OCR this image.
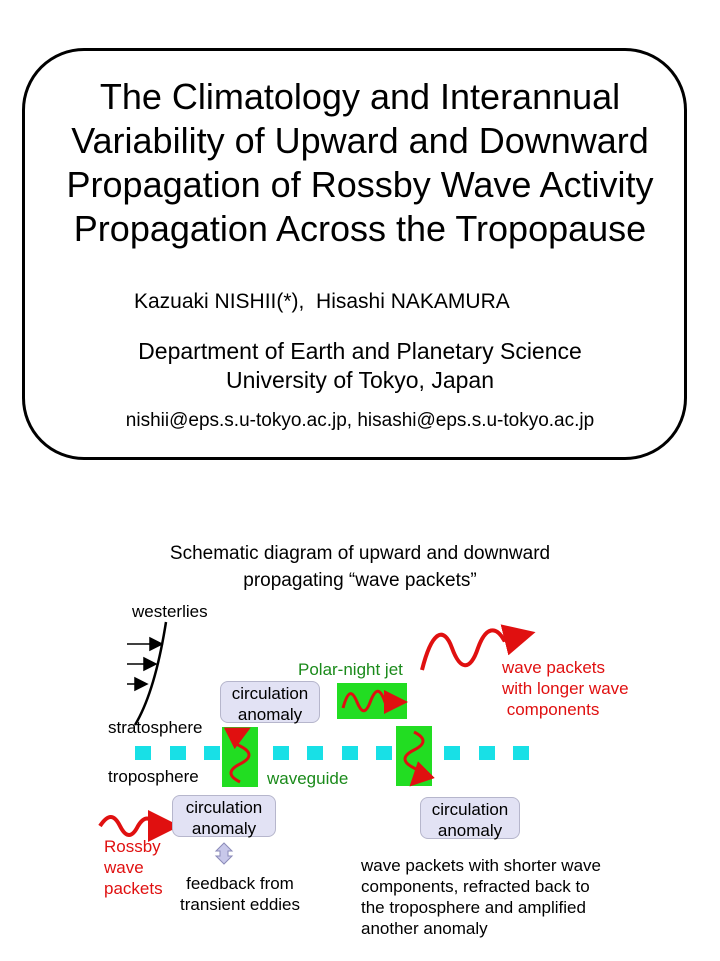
The Climatology and Interannual
Variability of Upward and Downward
Propagation of Rossby Wave Activity
Propagation Across the Tropopause
Kazuaki NISHII(*),  Hisashi NAKAMURA
Department of Earth and Planetary Science
University of Tokyo, Japan
nishii@eps.s.u-tokyo.ac.jp, hisashi@eps.s.u-tokyo.ac.jp
Schematic diagram of upward and downward
propagating “wave packets”
westerlies
stratosphere
troposphere
Polar-night jet
waveguide
circulation
anomaly
circulation
anomaly
circulation
anomaly
wave packets
with longer wave
components
Rossby
wave
packets	feedback from
transient eddies
wave packets with shorter wave
components, refracted back to
the troposphere and amplified
another anomaly
